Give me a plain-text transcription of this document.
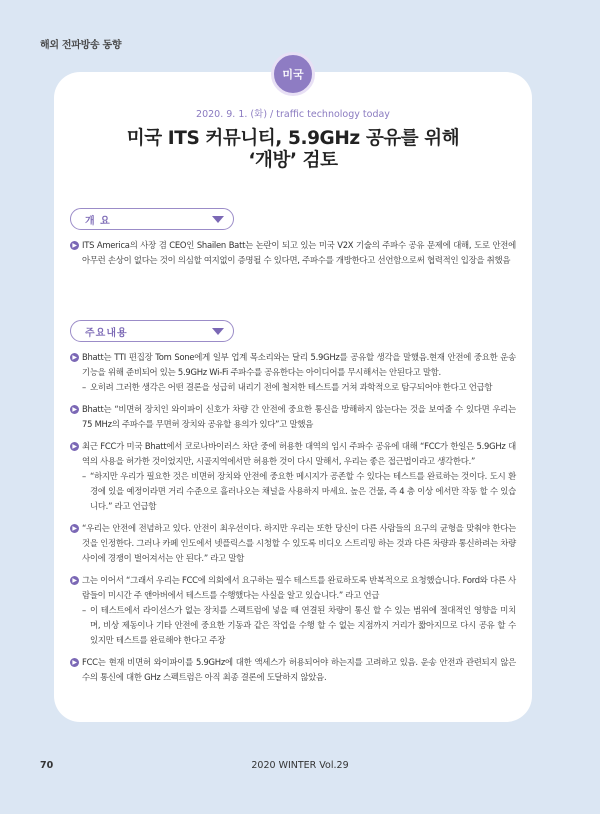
해외 전파방송 동향
미국
2020. 9. 1. (화) / traffic technology today
미국 ITS 커뮤니티, 5.9GHz 공유를 위해
‘개방’ 검토
개 요
▶ ITS America의 사장 겸 CEO인 Shailen Batt는 논란이 되고 있는 미국 V2X 기술의 주파수 공유 문제에 대해, 도로 안전에 아무런 손상이 없다는 것이 의심할 여지없이 증명될 수 있다면, 주파수를 개방한다고 선언함으로써 협력적인 입장을 취했음
주요내용
▶ Bhatt는 TTI 편집장 Tom Sone에게 일부 업계 목소리와는 달리 5.9GHz를 공유할 생각을 말했음.현재 안전에 중요한 운송 기능을 위해 준비되어 있는 5.9GHz Wi-Fi 주파수를 공유한다는 아이디어를 무시해서는 안된다고 말함.
– 오히려 그러한 생각은 어떤 결론을 성급히 내리기 전에 철저한 테스트를 거쳐 과학적으로 탐구되어야 한다고 언급함
▶ Bhatt는 “비면허 장치인 와이파이 신호가 차량 간 안전에 중요한 통신을 방해하지 않는다는 것을 보여줄 수 있다면 우리는 75 MHz의 주파수를 무면허 장치와 공유할 용의가 있다”고 말했음
▶ 최근 FCC가 미국 Bhatt에서 코로나바이러스 차단 중에 허용한 대역의 임시 주파수 공유에 대해 “FCC가 한일은 5.9GHz 대역의 사용을 허가한 것이었지만, 시골지역에서만 허용한 것이 다시 말해서, 우리는 좋은 접근법이라고 생각한다.”
– “하지만 우리가 필요한 것은 비면허 장치와 안전에 중요한 메시지가 공존할 수 있다는 테스트를 완료하는 것이다. 도시 환경에 있을 예정이라면 거리 수준으로 흘러나오는 채널을 사용하지 마세요. 높은 건물, 즉 4 층 이상 에서만 작동 할 수 있습니다.” 라고 언급함
▶ “우리는 안전에 전념하고 있다. 안전이 최우선이다. 하지만 우리는 또한 당신이 다른 사람들의 요구의 균형을 맞춰야 한다는 것을 인정한다. 그러나 카페 인도에서 넷플릭스를 시청할 수 있도록 비디오 스트리밍 하는 것과 다른 차량과 통신하려는 차량 사이에 경쟁이 벌어져서는 안 된다.” 라고 말함
▶ 그는 이어서 “그래서 우리는 FCC에 의회에서 요구하는 필수 테스트를 완료하도록 반복적으로 요청했습니다. Ford와 다른 사람들이 미시간 주 앤아버에서 테스트를 수행했다는 사실을 알고 있습니다.” 라고 언급
– 이 테스트에서 라이선스가 없는 장치를 스펙트럼에 넣을 때 연결된 차량이 통신 할 수 있는 범위에 절대적인 영향을 미치며, 비상 제동이나 기타 안전에 중요한 기동과 같은 작업을 수행 할 수 없는 지점까지 거리가 짧아지므로 다시 공유 할 수 있지만 테스트를 완료해야 한다고 주장
▶ FCC는 현재 비면허 와이파이를 5.9GHz에 대한 액세스가 허용되어야 하는지를 고려하고 있음. 운송 안전과 관련되지 않은 수의 통신에 대한 GHz 스펙트럼은 아직 최종 결론에 도달하지 않았음.
70	2020 WINTER Vol.29
